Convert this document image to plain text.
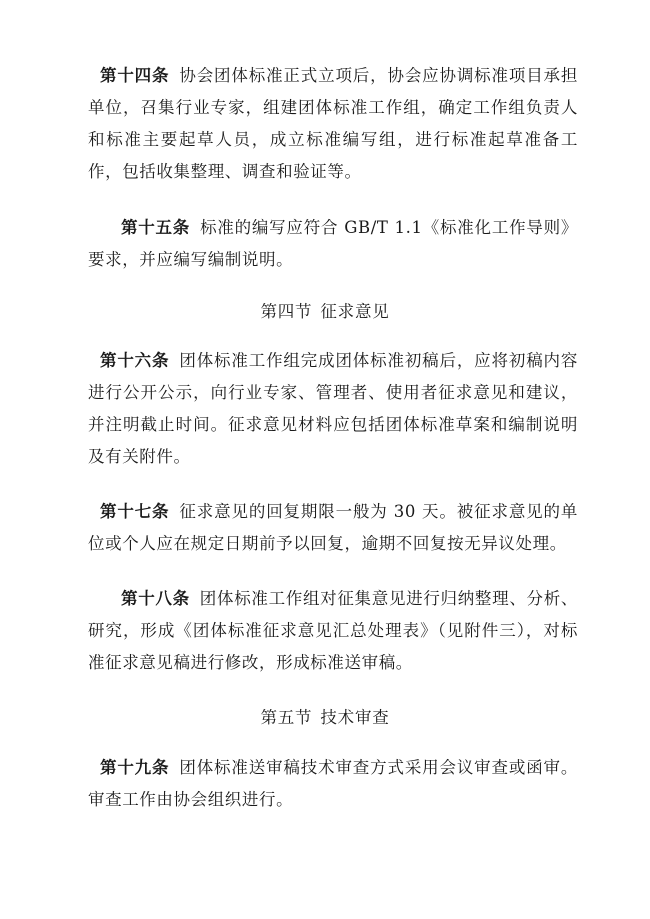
第十四条 协会团体标准正式立项后，协会应协调标准项目承担单位，召集行业专家，组建团体标准工作组，确定工作组负责人和标准主要起草人员，成立标准编写组，进行标准起草准备工作，包括收集整理、调查和验证等。

第十五条 标准的编写应符合 GB/T 1.1《标准化工作导则》要求，并应编写编制说明。

第四节 征求意见

第十六条 团体标准工作组完成团体标准初稿后，应将初稿内容进行公开公示，向行业专家、管理者、使用者征求意见和建议，并注明截止时间。征求意见材料应包括团体标准草案和编制说明及有关附件。

第十七条 征求意见的回复期限一般为 30 天。被征求意见的单位或个人应在规定日期前予以回复，逾期不回复按无异议处理。

第十八条 团体标准工作组对征集意见进行归纳整理、分析、研究，形成《团体标准征求意见汇总处理表》（见附件三），对标准征求意见稿进行修改，形成标准送审稿。

第五节 技术审查

第十九条 团体标准送审稿技术审查方式采用会议审查或函审。审查工作由协会组织进行。
